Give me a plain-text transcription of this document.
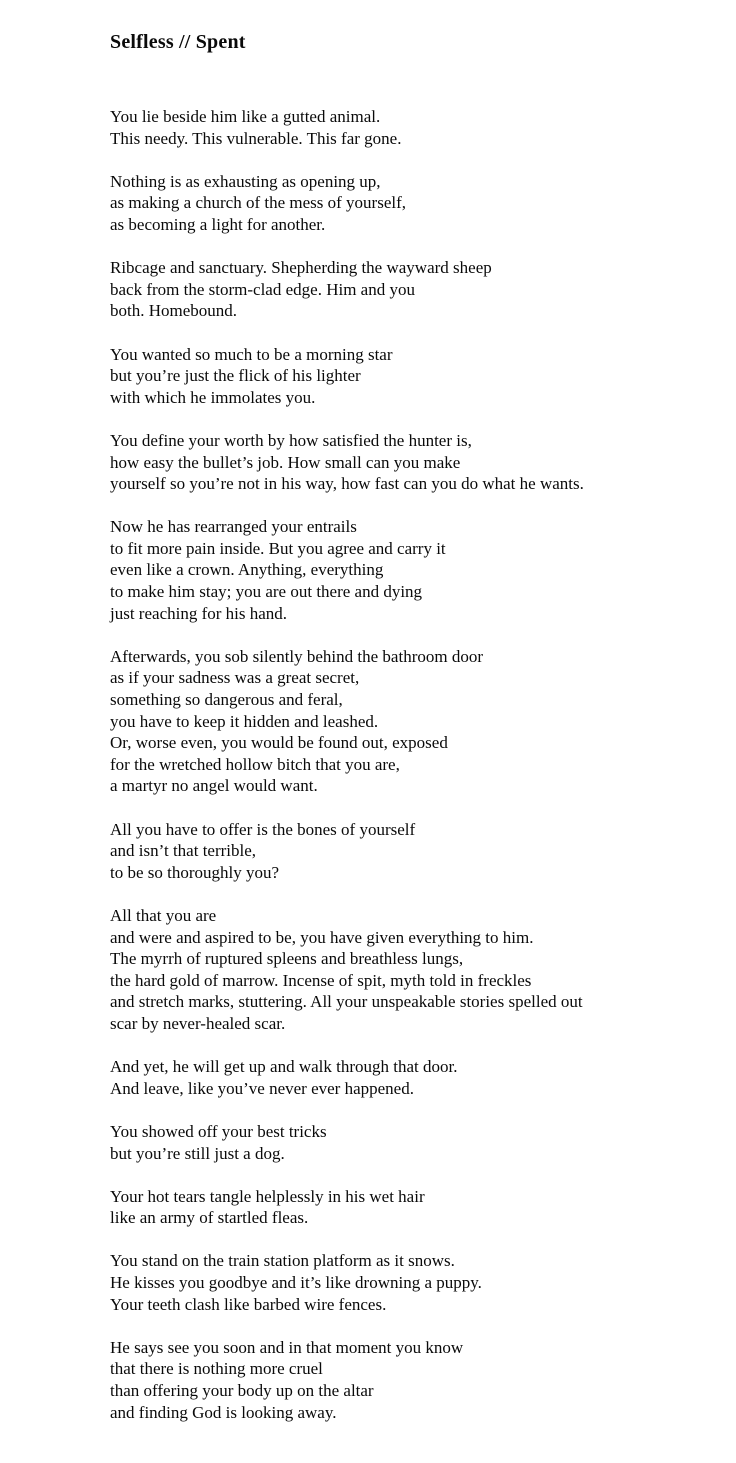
Selfless // Spent
You lie beside him like a gutted animal.
This needy. This vulnerable. This far gone.
Nothing is as exhausting as opening up,
as making a church of the mess of yourself,
as becoming a light for another.
Ribcage and sanctuary. Shepherding the wayward sheep
back from the storm-clad edge. Him and you
both. Homebound.
You wanted so much to be a morning star
but you’re just the flick of his lighter
with which he immolates you.
You define your worth by how satisfied the hunter is,
how easy the bullet’s job. How small can you make
yourself so you’re not in his way, how fast can you do what he wants.
Now he has rearranged your entrails
to fit more pain inside. But you agree and carry it
even like a crown. Anything, everything
to make him stay; you are out there and dying
just reaching for his hand.
Afterwards, you sob silently behind the bathroom door
as if your sadness was a great secret,
something so dangerous and feral,
you have to keep it hidden and leashed.
Or, worse even, you would be found out, exposed
for the wretched hollow bitch that you are,
a martyr no angel would want.
All you have to offer is the bones of yourself
and isn’t that terrible,
to be so thoroughly you?
All that you are
and were and aspired to be, you have given everything to him.
The myrrh of ruptured spleens and breathless lungs,
the hard gold of marrow. Incense of spit, myth told in freckles
and stretch marks, stuttering. All your unspeakable stories spelled out
scar by never-healed scar.
And yet, he will get up and walk through that door.
And leave, like you’ve never ever happened.
You showed off your best tricks
but you’re still just a dog.
Your hot tears tangle helplessly in his wet hair
like an army of startled fleas.
You stand on the train station platform as it snows.
He kisses you goodbye and it’s like drowning a puppy.
Your teeth clash like barbed wire fences.
He says see you soon and in that moment you know
that there is nothing more cruel
than offering your body up on the altar
and finding God is looking away.
